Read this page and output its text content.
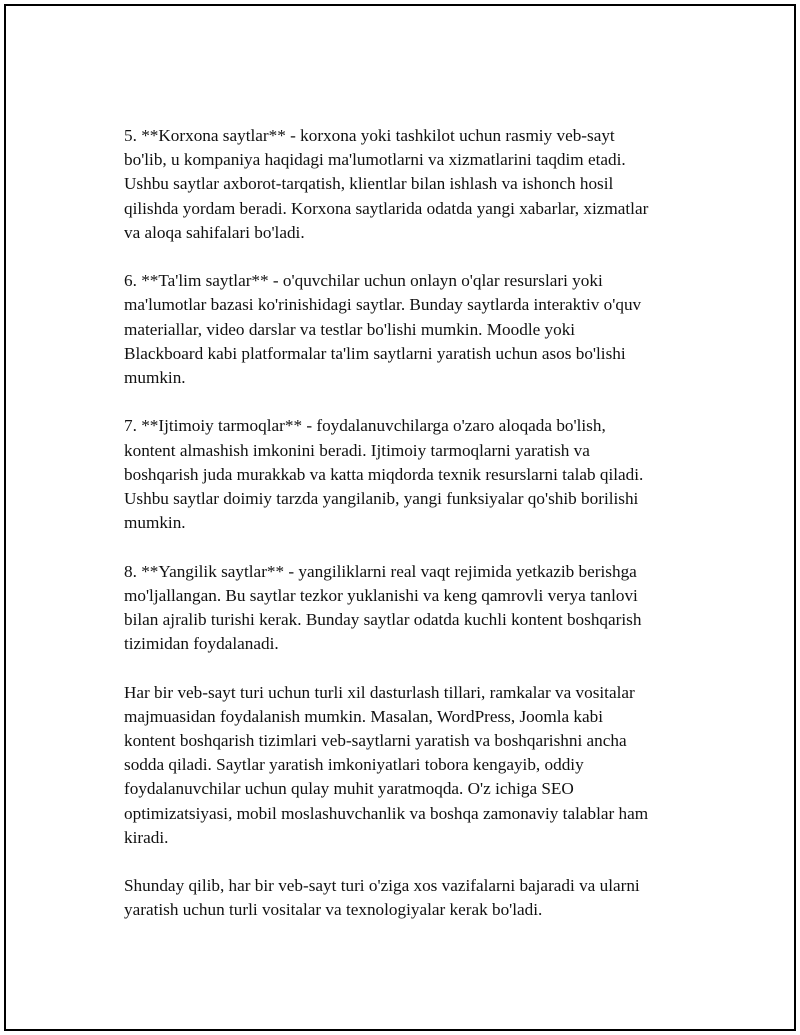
5. **Korxona saytlar** - korxona yoki tashkilot uchun rasmiy veb-sayt
bo'lib, u kompaniya haqidagi ma'lumotlarni va xizmatlarini taqdim etadi.
Ushbu saytlar axborot-tarqatish, klientlar bilan ishlash va ishonch hosil
qilishda yordam beradi. Korxona saytlarida odatda yangi xabarlar, xizmatlar
va aloqa sahifalari bo'ladi.

6. **Ta'lim saytlar** - o'quvchilar uchun onlayn o'qlar resurslari yoki
ma'lumotlar bazasi ko'rinishidagi saytlar. Bunday saytlarda interaktiv o'quv
materiallar, video darslar va testlar bo'lishi mumkin. Moodle yoki
Blackboard kabi platformalar ta'lim saytlarni yaratish uchun asos bo'lishi
mumkin.

7. **Ijtimoiy tarmoqlar** - foydalanuvchilarga o'zaro aloqada bo'lish,
kontent almashish imkonini beradi. Ijtimoiy tarmoqlarni yaratish va
boshqarish juda murakkab va katta miqdorda texnik resurslarni talab qiladi.
Ushbu saytlar doimiy tarzda yangilanib, yangi funksiyalar qo'shib borilishi
mumkin.

8. **Yangilik saytlar** - yangiliklarni real vaqt rejimida yetkazib berishga
mo'ljallangan. Bu saytlar tezkor yuklanishi va keng qamrovli verya tanlovi
bilan ajralib turishi kerak. Bunday saytlar odatda kuchli kontent boshqarish
tizimidan foydalanadi.

Har bir veb-sayt turi uchun turli xil dasturlash tillari, ramkalar va vositalar
majmuasidan foydalanish mumkin. Masalan, WordPress, Joomla kabi
kontent boshqarish tizimlari veb-saytlarni yaratish va boshqarishni ancha
sodda qiladi. Saytlar yaratish imkoniyatlari tobora kengayib, oddiy
foydalanuvchilar uchun qulay muhit yaratmoqda. O'z ichiga SEO
optimizatsiyasi, mobil moslashuvchanlik va boshqa zamonaviy talablar ham
kiradi.

Shunday qilib, har bir veb-sayt turi o'ziga xos vazifalarni bajaradi va ularni
yaratish uchun turli vositalar va texnologiyalar kerak bo'ladi.
